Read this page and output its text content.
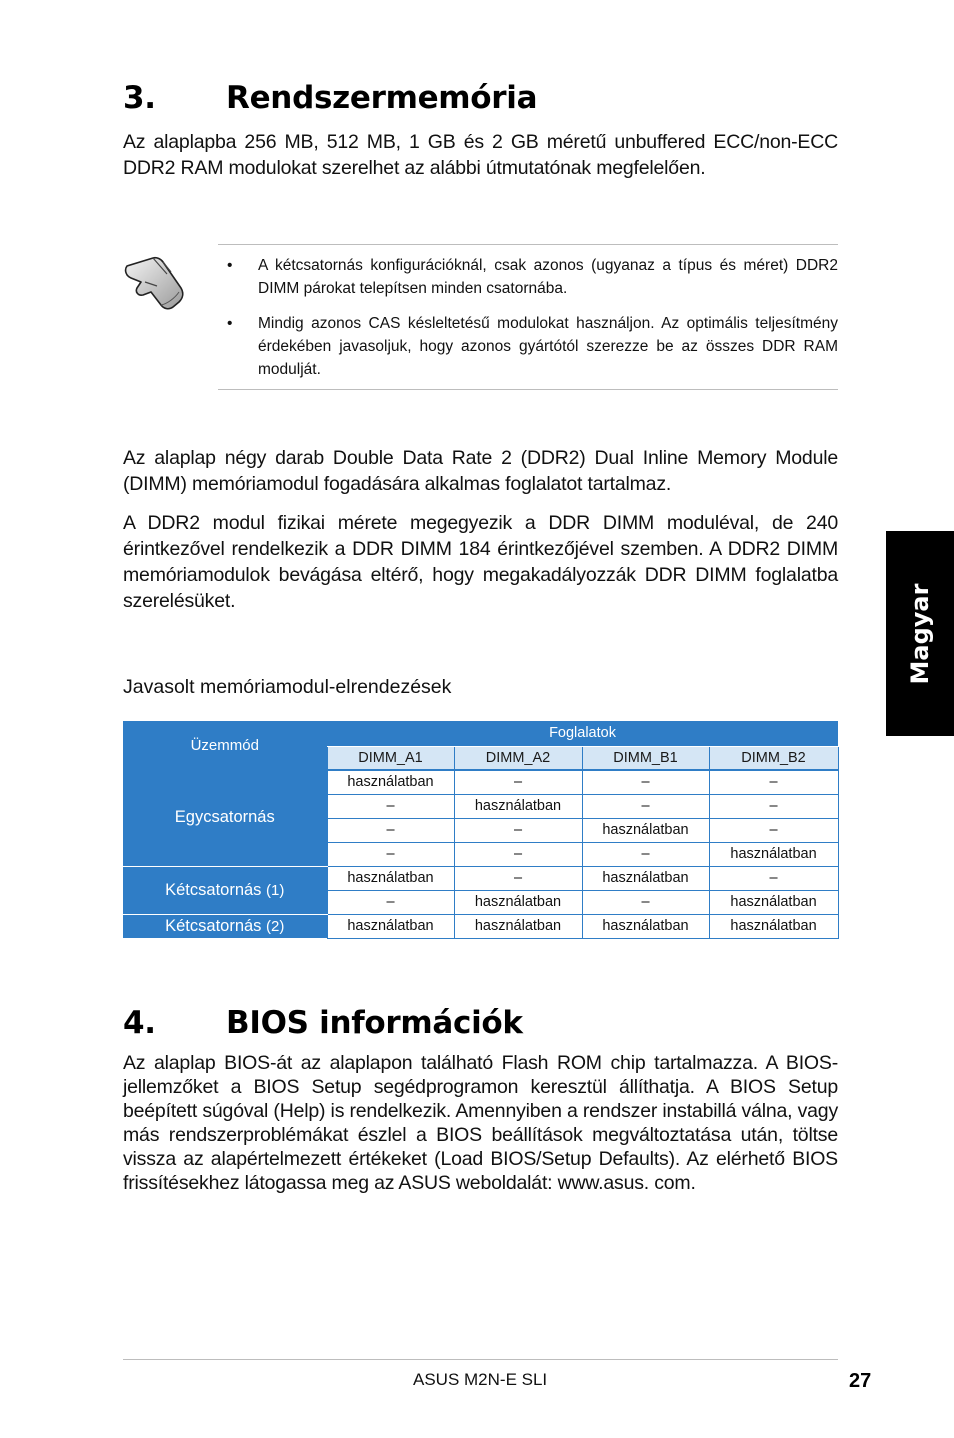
3. Rendszermemória
Az alaplapba 256 MB, 512 MB, 1 GB és 2 GB méretű unbuffered ECC/non-ECC DDR2 RAM modulokat szerelhet az alábbi útmutatónak megfelelően.
• A kétcsatornás konfigurációknál, csak azonos (ugyanaz a típus és méret) DDR2 DIMM párokat telepítsen minden csatornába.
• Mindig azonos CAS késleltetésű modulokat használjon. Az optimális teljesítmény érdekében javasoljuk, hogy azonos gyártótól szerezze be az összes DDR RAM modulját.
Az alaplap négy darab Double Data Rate 2 (DDR2) Dual Inline Memory Module (DIMM) memóriamodul fogadására alkalmas foglalatot tartalmaz.
A DDR2 modul fizikai mérete megegyezik a DDR DIMM moduléval, de 240 érintkezővel rendelkezik a DDR DIMM 184 érintkezőjével szemben. A DDR2 DIMM memóriamodulok bevágása eltérő, hogy megakadályozzák DDR DIMM foglalatba szerelésüket.
Javasolt memóriamodul-elrendezések
Üzemmód	Foglalatok			
	DIMM_A1	DIMM_A2	DIMM_B1	DIMM_B2
Egycsatornás	használatban	–	–	–
	–	használatban	–	–
	–	–	használatban	–
	–	–	–	használatban
Kétcsatornás (1)	használatban	–	használatban	–
	–	használatban	–	használatban
Kétcsatornás (2)	használatban	használatban	használatban	használatban
4. BIOS információk
Az alaplap BIOS-át az alaplapon található Flash ROM chip tartalmazza. A BIOS-jellemzőket a BIOS Setup segédprogramon keresztül állíthatja. A BIOS Setup beépített súgóval (Help) is rendelkezik. Amennyiben a rendszer instabillá válna, vagy más rendszerproblémákat észlel a BIOS beállítások megváltoztatása után, töltse vissza az alapértelmezett értékeket (Load BIOS/Setup Defaults). Az elérhető BIOS frissítésekhez látogassa meg az ASUS weboldalát: www.asus. com.
Magyar
ASUS M2N-E SLI	27
